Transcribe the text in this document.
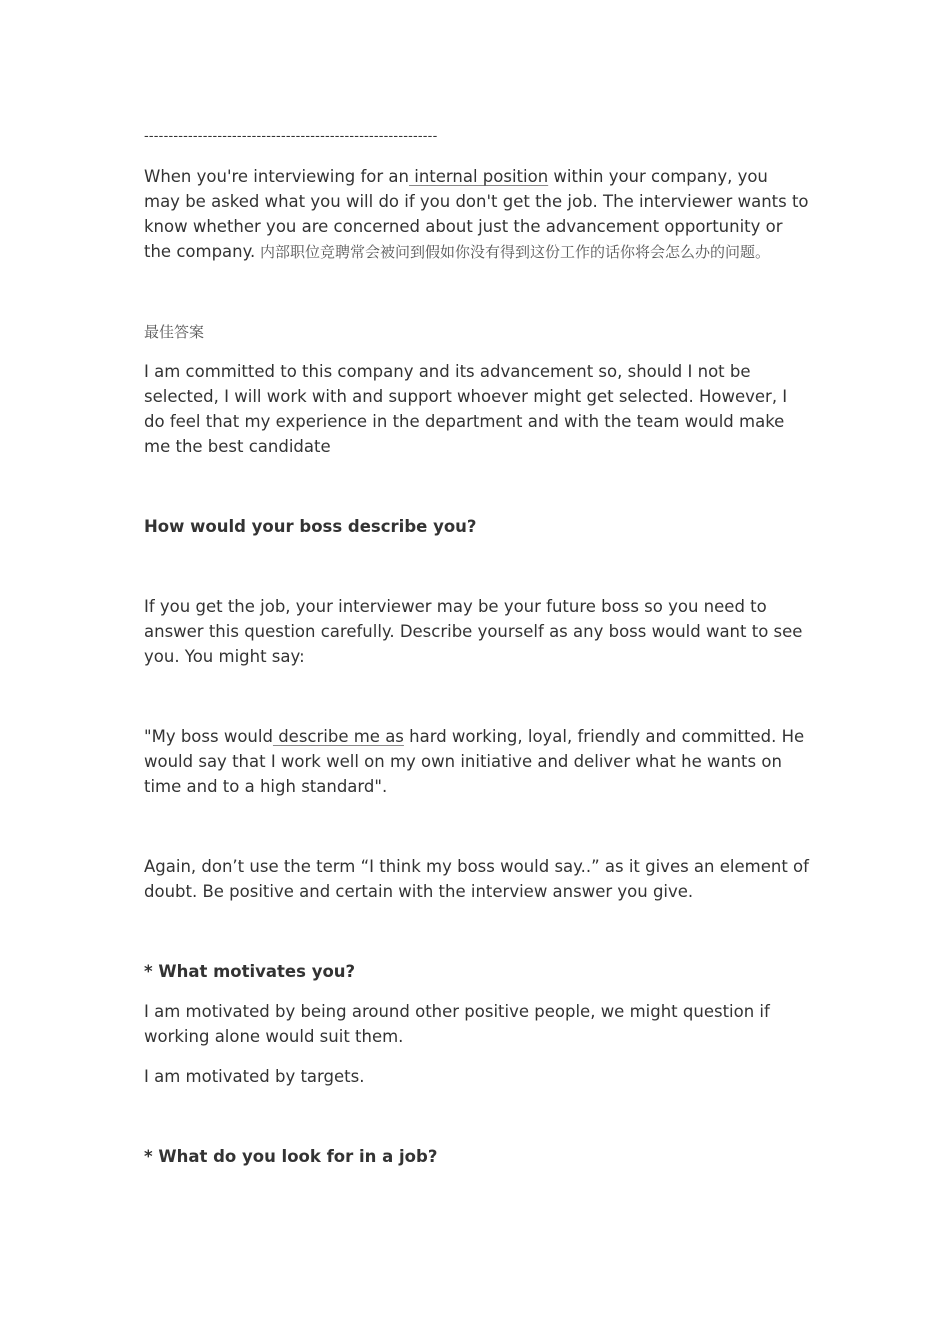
------------------------------------------------------------

When you're interviewing for an internal position within your company, you may be asked what you will do if you don't get the job. The interviewer wants to know whether you are concerned about just the advancement opportunity or the company. 内部职位竞聘常会被问到假如你没有得到这份工作的话你将会怎么办的问题。

最佳答案

I am committed to this company and its advancement so, should I not be selected, I will work with and support whoever might get selected. However, I do feel that my experience in the department and with the team would make me the best candidate

How would your boss describe you?

If you get the job, your interviewer may be your future boss so you need to answer this question carefully. Describe yourself as any boss would want to see you. You might say:

"My boss would describe me as hard working, loyal, friendly and committed. He would say that I work well on my own initiative and deliver what he wants on time and to a high standard".

Again, don’t use the term “I think my boss would say..” as it gives an element of doubt. Be positive and certain with the interview answer you give.

* What motivates you?

I am motivated by being around other positive people, we might question if working alone would suit them.

I am motivated by targets.

* What do you look for in a job?
